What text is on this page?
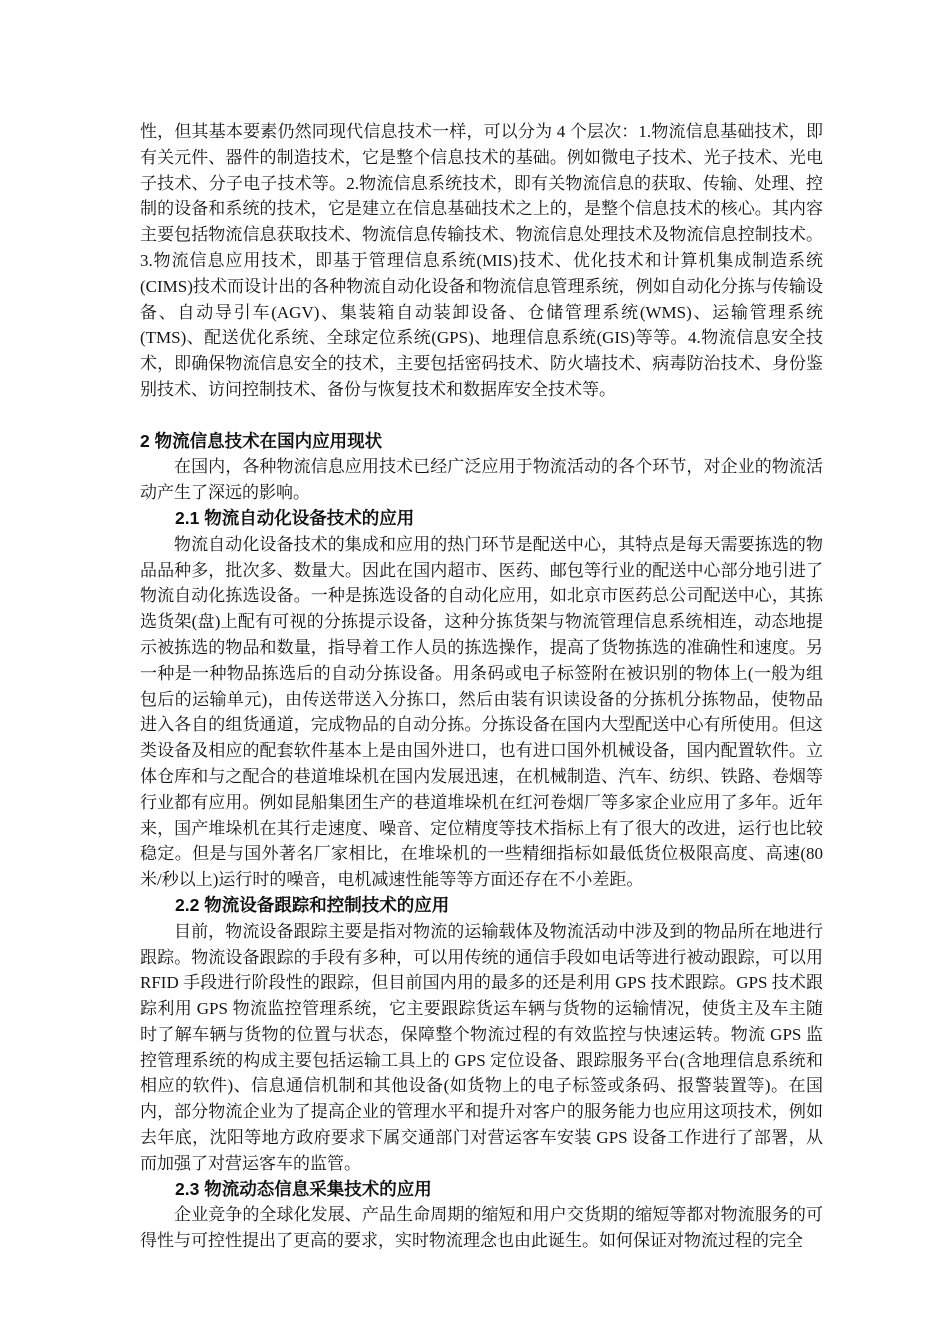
性，但其基本要素仍然同现代信息技术一样，可以分为 4 个层次：1.物流信息基础技术，即有关元件、器件的制造技术，它是整个信息技术的基础。例如微电子技术、光子技术、光电子技术、分子电子技术等。2.物流信息系统技术，即有关物流信息的获取、传输、处理、控制的设备和系统的技术，它是建立在信息基础技术之上的，是整个信息技术的核心。其内容主要包括物流信息获取技术、物流信息传输技术、物流信息处理技术及物流信息控制技术。3.物流信息应用技术，即基于管理信息系统(MIS)技术、优化技术和计算机集成制造系统(CIMS)技术而设计出的各种物流自动化设备和物流信息管理系统，例如自动化分拣与传输设备、自动导引车(AGV)、集装箱自动装卸设备、仓储管理系统(WMS)、运输管理系统(TMS)、配送优化系统、全球定位系统(GPS)、地理信息系统(GIS)等等。4.物流信息安全技术，即确保物流信息安全的技术，主要包括密码技术、防火墙技术、病毒防治技术、身份鉴别技术、访问控制技术、备份与恢复技术和数据库安全技术等。

2 物流信息技术在国内应用现状

在国内，各种物流信息应用技术已经广泛应用于物流活动的各个环节，对企业的物流活动产生了深远的影响。

2.1 物流自动化设备技术的应用

物流自动化设备技术的集成和应用的热门环节是配送中心，其特点是每天需要拣选的物品品种多，批次多、数量大。因此在国内超市、医药、邮包等行业的配送中心部分地引进了物流自动化拣选设备。一种是拣选设备的自动化应用，如北京市医药总公司配送中心，其拣选货架(盘)上配有可视的分拣提示设备，这种分拣货架与物流管理信息系统相连，动态地提示被拣选的物品和数量，指导着工作人员的拣选操作，提高了货物拣选的准确性和速度。另一种是一种物品拣选后的自动分拣设备。用条码或电子标签附在被识别的物体上(一般为组包后的运输单元)，由传送带送入分拣口，然后由装有识读设备的分拣机分拣物品，使物品进入各自的组货通道，完成物品的自动分拣。分拣设备在国内大型配送中心有所使用。但这类设备及相应的配套软件基本上是由国外进口，也有进口国外机械设备，国内配置软件。立体仓库和与之配合的巷道堆垛机在国内发展迅速，在机械制造、汽车、纺织、铁路、卷烟等行业都有应用。例如昆船集团生产的巷道堆垛机在红河卷烟厂等多家企业应用了多年。近年来，国产堆垛机在其行走速度、噪音、定位精度等技术指标上有了很大的改进，运行也比较稳定。但是与国外著名厂家相比，在堆垛机的一些精细指标如最低货位极限高度、高速(80 米/秒以上)运行时的噪音，电机减速性能等等方面还存在不小差距。

2.2 物流设备跟踪和控制技术的应用

目前，物流设备跟踪主要是指对物流的运输载体及物流活动中涉及到的物品所在地进行跟踪。物流设备跟踪的手段有多种，可以用传统的通信手段如电话等进行被动跟踪，可以用 RFID 手段进行阶段性的跟踪，但目前国内用的最多的还是利用 GPS 技术跟踪。GPS 技术跟踪利用 GPS 物流监控管理系统，它主要跟踪货运车辆与货物的运输情况，使货主及车主随时了解车辆与货物的位置与状态，保障整个物流过程的有效监控与快速运转。物流 GPS 监控管理系统的构成主要包括运输工具上的 GPS 定位设备、跟踪服务平台(含地理信息系统和相应的软件)、信息通信机制和其他设备(如货物上的电子标签或条码、报警装置等)。在国内，部分物流企业为了提高企业的管理水平和提升对客户的服务能力也应用这项技术，例如去年底，沈阳等地方政府要求下属交通部门对营运客车安装 GPS 设备工作进行了部署，从而加强了对营运客车的监管。

2.3 物流动态信息采集技术的应用

企业竞争的全球化发展、产品生命周期的缩短和用户交货期的缩短等都对物流服务的可得性与可控性提出了更高的要求，实时物流理念也由此诞生。如何保证对物流过程的完全
